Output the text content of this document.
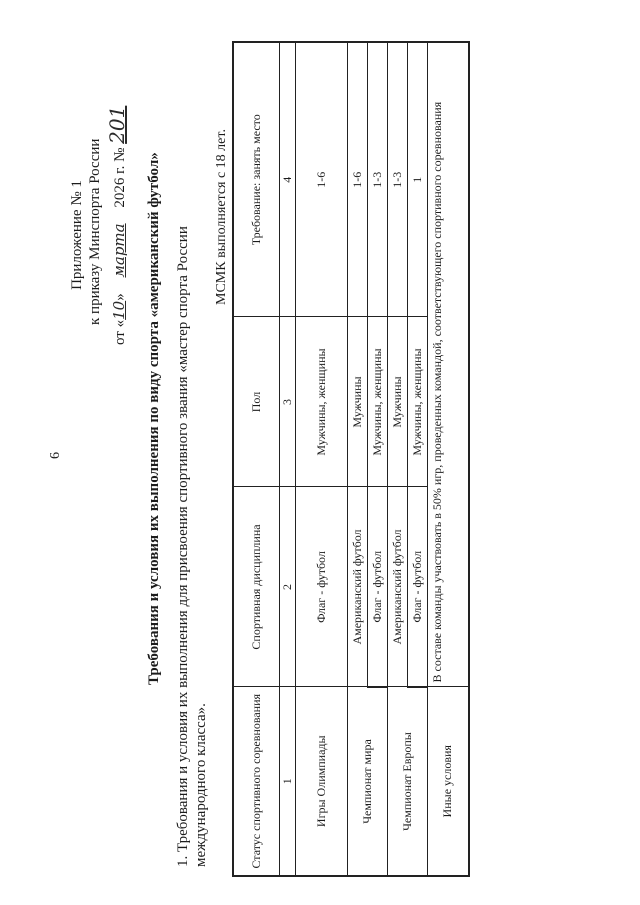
6
Приложение № 1 к приказу Минспорта России
от «10» марта 2026 г. № 201
Требования и условия их выполнения по виду спорта «американский футбол» 1. Требования и условия их выполнения для присвоения спортивного звания «мастер спорта России международного класса».
МСМК выполняется с 18 лет.
Статус спортивного соревнования	Спортивная дисциплина	Пол	Требование: занять место
1	2	3	4
Игры Олимпиады	Флаг - футбол	Мужчины, женщины	1-6
Чемпионат мира	Американский футбол	Мужчины	1-6
	Флаг - футбол	Мужчины, женщины	1-3
Чемпионат Европы	Американский футбол	Мужчины	1-3
	Флаг - футбол	Мужчины, женщины	1
Иные условия	В составе команды участвовать в 50% игр, проведенных командой, соответствующего спортивного соревнования		
